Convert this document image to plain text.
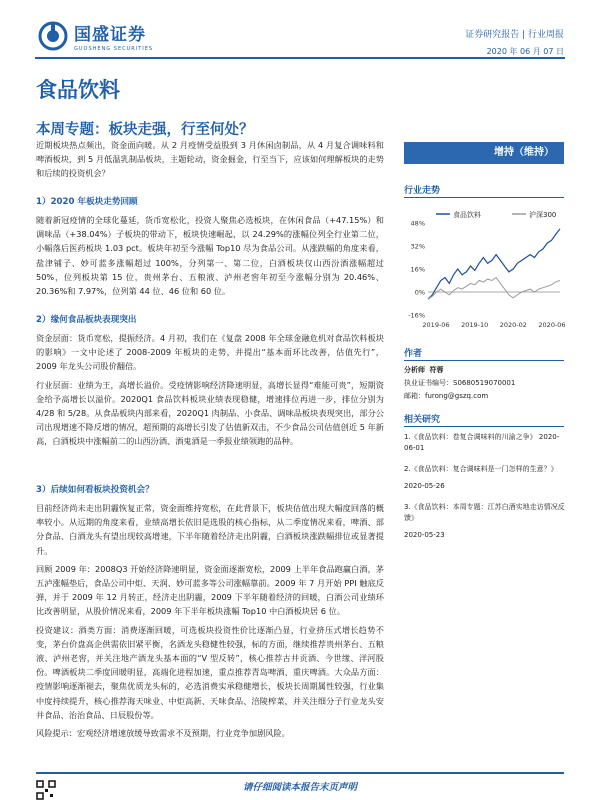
国盛证券
GUOSHENG SECURITIES
证券研究报告 | 行业周报
2020 年 06 月 07 日
食品饮料
本周专题：板块走强，行至何处？

近期板块热点频出，资金面向暖。从 2 月疫情受益股到 3 月休闲卤制品，从 4 月复合调味料和啤酒板块，到 5 月低温乳制品板块，主题轮动，资金掘金，行至当下，应该如何理解板块的走势和后续的投资机会？

1）2020 年板块走势回顾

随着新冠疫情的全球化蔓延，货币宽松化，投资人聚焦必选板块，在休闲食品（+47.15%）和调味品（+38.04%）子板块的带动下，板块快速崛起，以 24.29%的涨幅位列全行业第二位，小幅落后医药板块 1.03 pct。板块年初至今涨幅 Top10 尽为食品公司。从涨跌幅的角度来看，盐津铺子、妙可蓝多涨幅超过 100%，分列第一、第二位，白酒板块仅山西汾酒涨幅超过 50%，位列板块第 15 位，贵州茅台、五粮液、泸州老窖年初至今涨幅分别为 20.46%、20.36%和 7.97%，位列第 44 位、46 位和 60 位。

2）缘何食品板块表现突出

资金层面：货币宽松，提振经济。4 月初，我们在《复盘 2008 年全球金融危机对食品饮料板块的影响》一文中论述了 2008-2009 年板块的走势，并提出“基本面环比改善，估值先行”，2009 年龙头公司股价翻倍。

行业层面：业绩为王，高增长溢价。受疫情影响经济降速明显，高增长显得“难能可贵”，短期资金给予高增长以溢价。2020Q1 食品饮料板块业绩表现稳健，增速排位再进一步，排位分别为 4/28 和 5/28。从食品板块内部来看，2020Q1 肉制品、小食品、调味品板块表现突出，部分公司出现增速不降反增的情况，超预期的高增长引发了估值新双击，不少食品公司估值创近 5 年新高，白酒板块中涨幅前二的山西汾酒、酒鬼酒是一季报业绩领跑的品种。

3）后续如何看板块投资机会？

目前经济尚未走出阴霾恢复正常，资金面维持宽松，在此背景下，板块估值出现大幅度回落的概率较小。从远期的角度来看，业绩高增长依旧是选股的核心指标，从二季度情况来看，啤酒、部分食品、白酒龙头有望出现较高增速，下半年随着经济走出阴霾，白酒板块涨跌幅排位或显著提升。

回顾 2009 年：2008Q3 开始经济降速明显，资金面逐渐宽松，2009 上半年食品跑赢白酒，茅五泸涨幅垫后，食品公司中炬、天润、妙可蓝多等公司涨幅靠前。2009 年 7 月开始 PPI 触底反弹，并于 2009 年 12 月转正，经济走出阴霾，2009 下半年随着经济的回暖，白酒公司业绩环比改善明显，从股价情况来看，2009 年下半年板块涨幅 Top10 中白酒板块居 6 位。

投资建议：酒类方面：消费逐渐回暖，可选板块投资性价比逐渐凸显，行业挤压式增长趋势不变，茅台价盘高企供需依旧紧平衡，名酒龙头稳健性较强，标的方面，继续推荐贵州茅台、五粮液、泸州老窖，并关注地产酒龙头基本面的“V 型反转”，核心推荐古井贡酒、今世缘、洋河股份。啤酒板块二季度回暖明显，高端化进程加速，重点推荐青岛啤酒、重庆啤酒。大众品方面：疫情影响逐渐褪去，聚焦优质龙头标的，必选消费实承稳健增长，板块长周期属性较强，行业集中度持续提升，核心推荐海天味业、中炬高新、天味食品、涪陵榨菜，并关注细分子行业龙头安井食品、治治食品、日辰股份等。

风险提示：宏观经济增速放缓导致需求不及预期，行业竞争加剧风险。

增持（维持）
行业走势
48%
32%
16%
0%
-16%
2019-06 2019-10 2020-02 2020-06
食品饮料	沪深300
作者
分析师 符蓉
执业证书编号：S0680519070001
邮箱：furong@gszq.com
相关研究
1.《食品饮料：卷复合调味料的川渝之争》 2020-06-01
2.《食品饮料：复合调味料是一门怎样的生意？》
2020-05-26
3.《食品饮料：本周专题：江苏白酒实地走访情况反馈》
2020-05-23
请仔细阅读本报告末页声明
